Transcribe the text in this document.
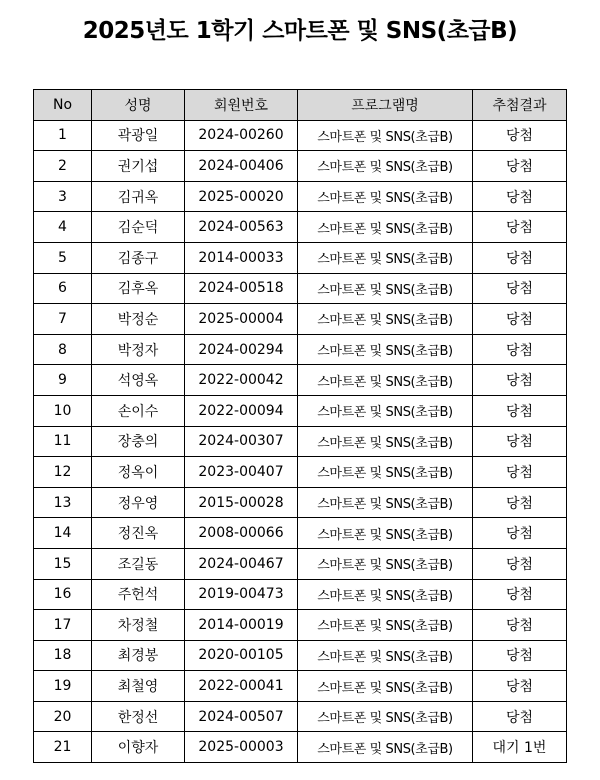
2025년도 1학기 스마트폰 및 SNS(초급B)
No	성명	회원번호	프로그램명	추첨결과
1	곽광일	2024-00260	스마트폰 및 SNS(초급B)	당첨
2	권기섭	2024-00406	스마트폰 및 SNS(초급B)	당첨
3	김귀옥	2025-00020	스마트폰 및 SNS(초급B)	당첨
4	김순덕	2024-00563	스마트폰 및 SNS(초급B)	당첨
5	김종구	2014-00033	스마트폰 및 SNS(초급B)	당첨
6	김후옥	2024-00518	스마트폰 및 SNS(초급B)	당첨
7	박정순	2025-00004	스마트폰 및 SNS(초급B)	당첨
8	박정자	2024-00294	스마트폰 및 SNS(초급B)	당첨
9	석영옥	2022-00042	스마트폰 및 SNS(초급B)	당첨
10	손이수	2022-00094	스마트폰 및 SNS(초급B)	당첨
11	장충의	2024-00307	스마트폰 및 SNS(초급B)	당첨
12	정옥이	2023-00407	스마트폰 및 SNS(초급B)	당첨
13	정우영	2015-00028	스마트폰 및 SNS(초급B)	당첨
14	정진옥	2008-00066	스마트폰 및 SNS(초급B)	당첨
15	조길동	2024-00467	스마트폰 및 SNS(초급B)	당첨
16	주헌석	2019-00473	스마트폰 및 SNS(초급B)	당첨
17	차정철	2014-00019	스마트폰 및 SNS(초급B)	당첨
18	최경봉	2020-00105	스마트폰 및 SNS(초급B)	당첨
19	최철영	2022-00041	스마트폰 및 SNS(초급B)	당첨
20	한정선	2024-00507	스마트폰 및 SNS(초급B)	당첨
21	이향자	2025-00003	스마트폰 및 SNS(초급B)	대기 1번
